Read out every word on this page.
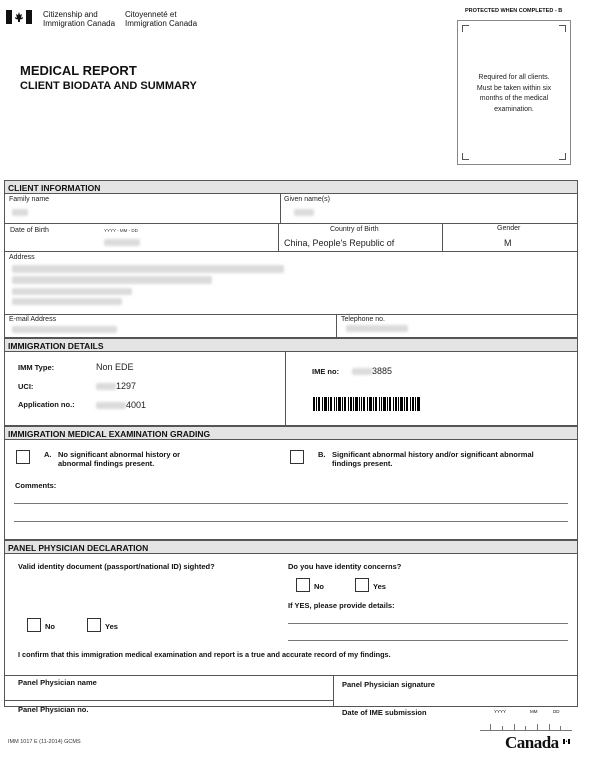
Citizenship and
Immigration Canada
Citoyenneté et
Immigration Canada
PROTECTED WHEN COMPLETED - B
Required for all clients.
Must be taken within six
months of the medical
examination.
MEDICAL REPORT
CLIENT BIODATA AND SUMMARY
CLIENT INFORMATION
Family name	Given name(s)
Date of Birth	YYYY - MM - DD	Country of Birth
China, People's Republic of
Gender
M
Address
E-mail Address	Telephone no.
IMMIGRATION DETAILS
IMM Type:	Non EDE
UCI:	1297
Application no.:	4001
IME no:	3885
IMMIGRATION MEDICAL EXAMINATION GRADING
A. No significant abnormal history or
abnormal findings present.
B. Significant abnormal history and/or significant abnormal
findings present.
Comments:
PANEL PHYSICIAN DECLARATION
Valid identity document (passport/national ID) sighted?	Do you have identity concerns?
No	Yes
If YES, please provide details:
No	Yes
I confirm that this immigration medical examination and report is a true and accurate record of my findings.
Panel Physician name	Panel Physician signature
Panel Physician no.	Date of IME submission	YYYY	MM	DD
IMM 1017 E (11-2014) GCMS	Canada
